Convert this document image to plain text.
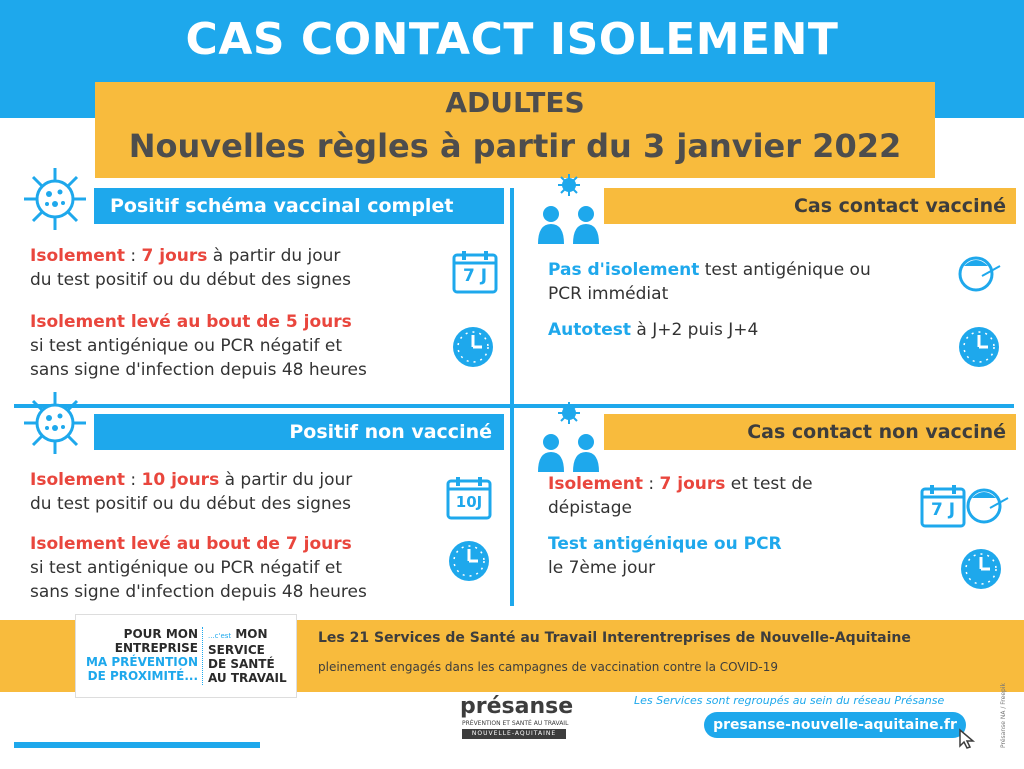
CAS CONTACT ISOLEMENT
ADULTES
Nouvelles règles à partir du 3 janvier 2022
Positif schéma vaccinal complet
Isolement : 7 jours à partir du jour
du test positif ou du début des signes
Isolement levé au bout de 5 jours
si test antigénique ou PCR négatif et
sans signe d'infection depuis 48 heures
7 J
Cas contact vacciné
Pas d'isolement test antigénique ou
PCR immédiat
Autotest à J+2 puis J+4
Positif non vacciné
Isolement : 10 jours à partir du jour
du test positif ou du début des signes
Isolement levé au bout de 7 jours
si test antigénique ou PCR négatif et
sans signe d'infection depuis 48 heures
10J
Cas contact non vacciné
Isolement : 7 jours et test de
dépistage
Test antigénique ou PCR
le 7ème jour
7 J
POUR MON
ENTREPRISE
MA PRÉVENTION
DE PROXIMITÉ...
...c'est MON
SERVICE
DE SANTÉ
AU TRAVAIL
Les 21 Services de Santé au Travail Interentreprises de Nouvelle-Aquitaine
pleinement engagés dans les campagnes de vaccination contre la COVID-19
présanse
PRÉVENTION ET SANTÉ AU TRAVAIL
NOUVELLE-AQUITAINE
Les Services sont regroupés au sein du réseau Présanse
presanse-nouvelle-aquitaine.fr	Présanse NA / Freepik
